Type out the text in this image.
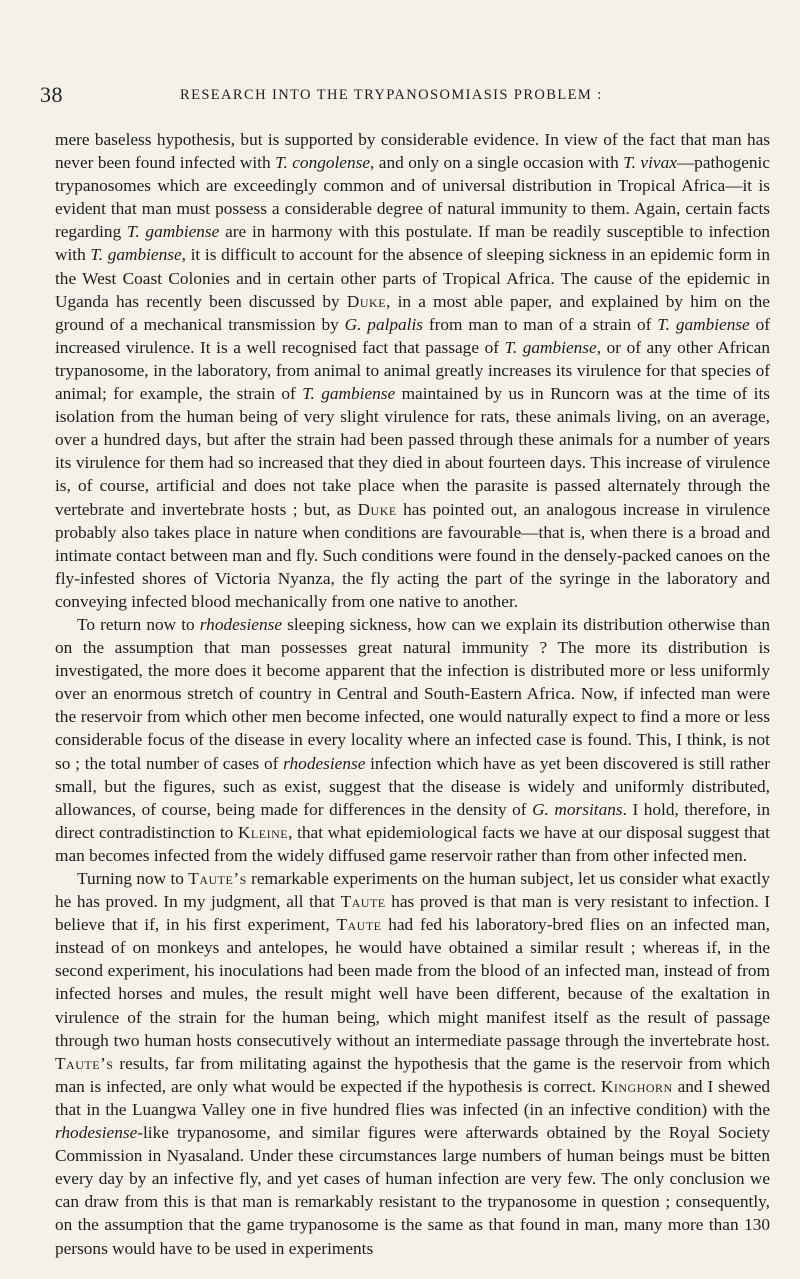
38	RESEARCH INTO THE TRYPANOSOMIASIS PROBLEM :

mere baseless hypothesis, but is supported by considerable evidence. In view of the fact that man has never been found infected with T. congolense, and only on a single occasion with T. vivax—pathogenic trypanosomes which are exceedingly common and of universal distribution in Tropical Africa—it is evident that man must possess a considerable degree of natural immunity to them. Again, certain facts regarding T. gambiense are in harmony with this postulate. If man be readily susceptible to infection with T. gambiense, it is difficult to account for the absence of sleeping sickness in an epidemic form in the West Coast Colonies and in certain other parts of Tropical Africa. The cause of the epidemic in Uganda has recently been discussed by Duke, in a most able paper, and explained by him on the ground of a mechanical transmission by G. palpalis from man to man of a strain of T. gambiense of increased virulence. It is a well recognised fact that passage of T. gambiense, or of any other African trypanosome, in the laboratory, from animal to animal greatly increases its virulence for that species of animal; for example, the strain of T. gambiense maintained by us in Runcorn was at the time of its isolation from the human being of very slight virulence for rats, these animals living, on an average, over a hundred days, but after the strain had been passed through these animals for a number of years its virulence for them had so increased that they died in about fourteen days. This increase of virulence is, of course, artificial and does not take place when the parasite is passed alternately through the vertebrate and invertebrate hosts ; but, as Duke has pointed out, an analogous increase in virulence probably also takes place in nature when conditions are favourable—that is, when there is a broad and intimate contact between man and fly. Such conditions were found in the densely-packed canoes on the fly-infested shores of Victoria Nyanza, the fly acting the part of the syringe in the laboratory and conveying infected blood mechanically from one native to another.

To return now to rhodesiense sleeping sickness, how can we explain its distribution otherwise than on the assumption that man possesses great natural immunity ? The more its distribution is investigated, the more does it become apparent that the infection is distributed more or less uniformly over an enormous stretch of country in Central and South-Eastern Africa. Now, if infected man were the reservoir from which other men become infected, one would naturally expect to find a more or less considerable focus of the disease in every locality where an infected case is found. This, I think, is not so ; the total number of cases of rhodesiense infection which have as yet been discovered is still rather small, but the figures, such as exist, suggest that the disease is widely and uniformly distributed, allowances, of course, being made for differences in the density of G. morsitans. I hold, therefore, in direct contradistinction to Kleine, that what epidemiological facts we have at our disposal suggest that man becomes infected from the widely diffused game reservoir rather than from other infected men.

Turning now to Taute’s remarkable experiments on the human subject, let us consider what exactly he has proved. In my judgment, all that Taute has proved is that man is very resistant to infection. I believe that if, in his first experiment, Taute had fed his laboratory-bred flies on an infected man, instead of on monkeys and antelopes, he would have obtained a similar result ; whereas if, in the second experiment, his inoculations had been made from the blood of an infected man, instead of from infected horses and mules, the result might well have been different, because of the exaltation in virulence of the strain for the human being, which might manifest itself as the result of passage through two human hosts consecutively without an intermediate passage through the invertebrate host. Taute’s results, far from militating against the hypothesis that the game is the reservoir from which man is infected, are only what would be expected if the hypothesis is correct. Kinghorn and I shewed that in the Luangwa Valley one in five hundred flies was infected (in an infective condition) with the rhodesiense-like trypanosome, and similar figures were afterwards obtained by the Royal Society Commission in Nyasaland. Under these circumstances large numbers of human beings must be bitten every day by an infective fly, and yet cases of human infection are very few. The only conclusion we can draw from this is that man is remarkably resistant to the trypanosome in question ; consequently, on the assumption that the game trypanosome is the same as that found in man, many more than 130 persons would have to be used in experiments
